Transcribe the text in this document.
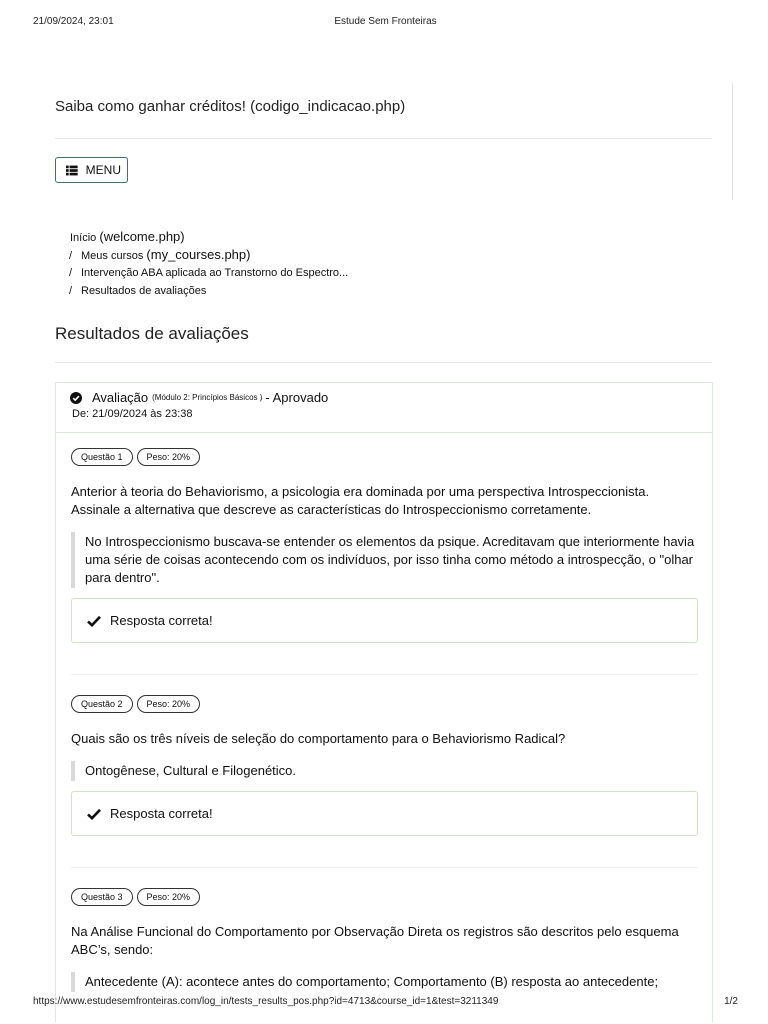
21/09/2024, 23:01	Estude Sem Fronteiras
Saiba como ganhar créditos! (codigo_indicacao.php)
MENU
Início (welcome.php)
/ Meus cursos (my_courses.php)
/ Intervenção ABA aplicada ao Transtorno do Espectro...
/ Resultados de avaliações
Resultados de avaliações
Avaliação (Módulo 2: Princípios Básicos ) - Aprovado
De: 21/09/2024 às 23:38
Questão 1	Peso: 20%
Anterior à teoria do Behaviorismo, a psicologia era dominada por uma perspectiva Introspeccionista. Assinale a alternativa que descreve as características do Introspeccionismo corretamente.
No Introspeccionismo buscava-se entender os elementos da psique. Acreditavam que interiormente havia uma série de coisas acontecendo com os indivíduos, por isso tinha como método a introspecção, o "olhar para dentro".
Resposta correta!
Questão 2	Peso: 20%
Quais são os três níveis de seleção do comportamento para o Behaviorismo Radical?
Ontogênese, Cultural e Filogenético.
Resposta correta!
Questão 3	Peso: 20%
Na Análise Funcional do Comportamento por Observação Direta os registros são descritos pelo esquema ABC’s, sendo:
Antecedente (A): acontece antes do comportamento; Comportamento (B) resposta ao antecedente;
https://www.estudesemfronteiras.com/log_in/tests_results_pos.php?id=4713&course_id=1&test=3211349	1/2
